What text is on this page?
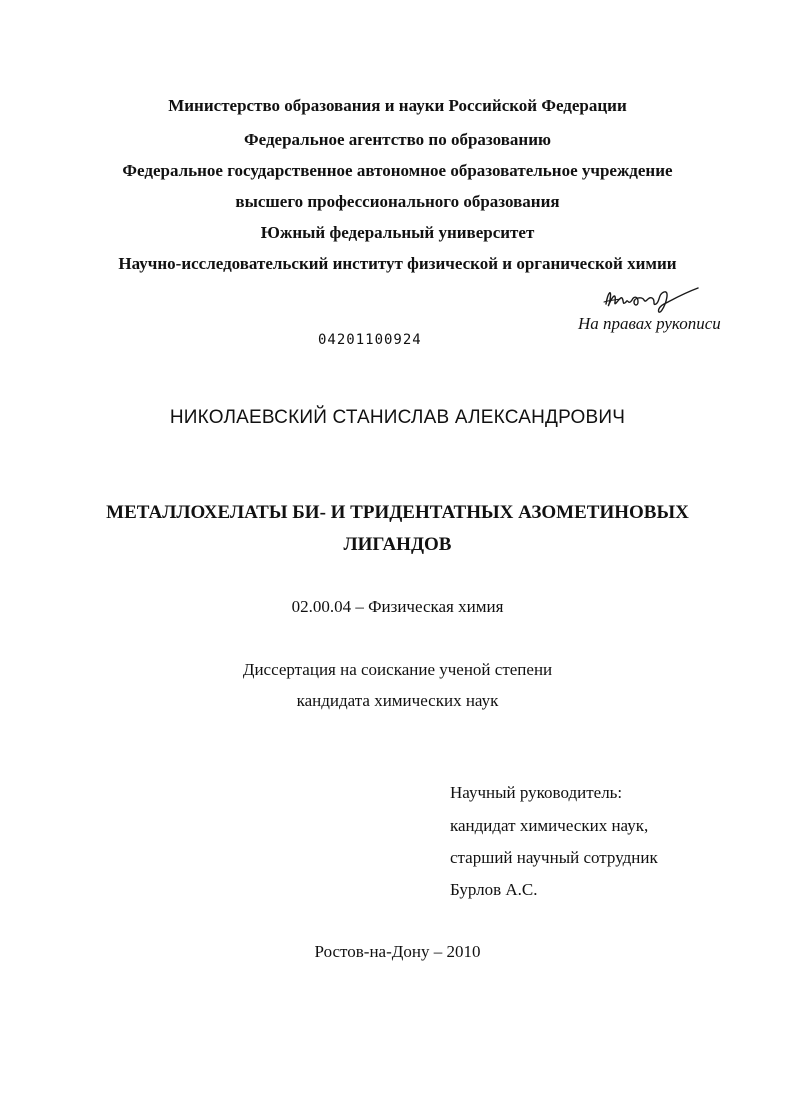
Министерство образования и науки Российской Федерации
Федеральное агентство по образованию
Федеральное государственное автономное образовательное учреждение
высшего профессионального образования
Южный федеральный университет
Научно-исследовательский институт физической и органической химии
На правах рукописи
04201100924
НИКОЛАЕВСКИЙ СТАНИСЛАВ АЛЕКСАНДРОВИЧ
МЕТАЛЛОХЕЛАТЫ БИ- И ТРИДЕНТАТНЫХ АЗОМЕТИНОВЫХ
ЛИГАНДОВ
02.00.04 – Физическая химия
Диссертация на соискание ученой степени
кандидата химических наук
Научный руководитель:
кандидат химических наук,
старший научный сотрудник
Бурлов А.С.
Ростов-на-Дону – 2010
